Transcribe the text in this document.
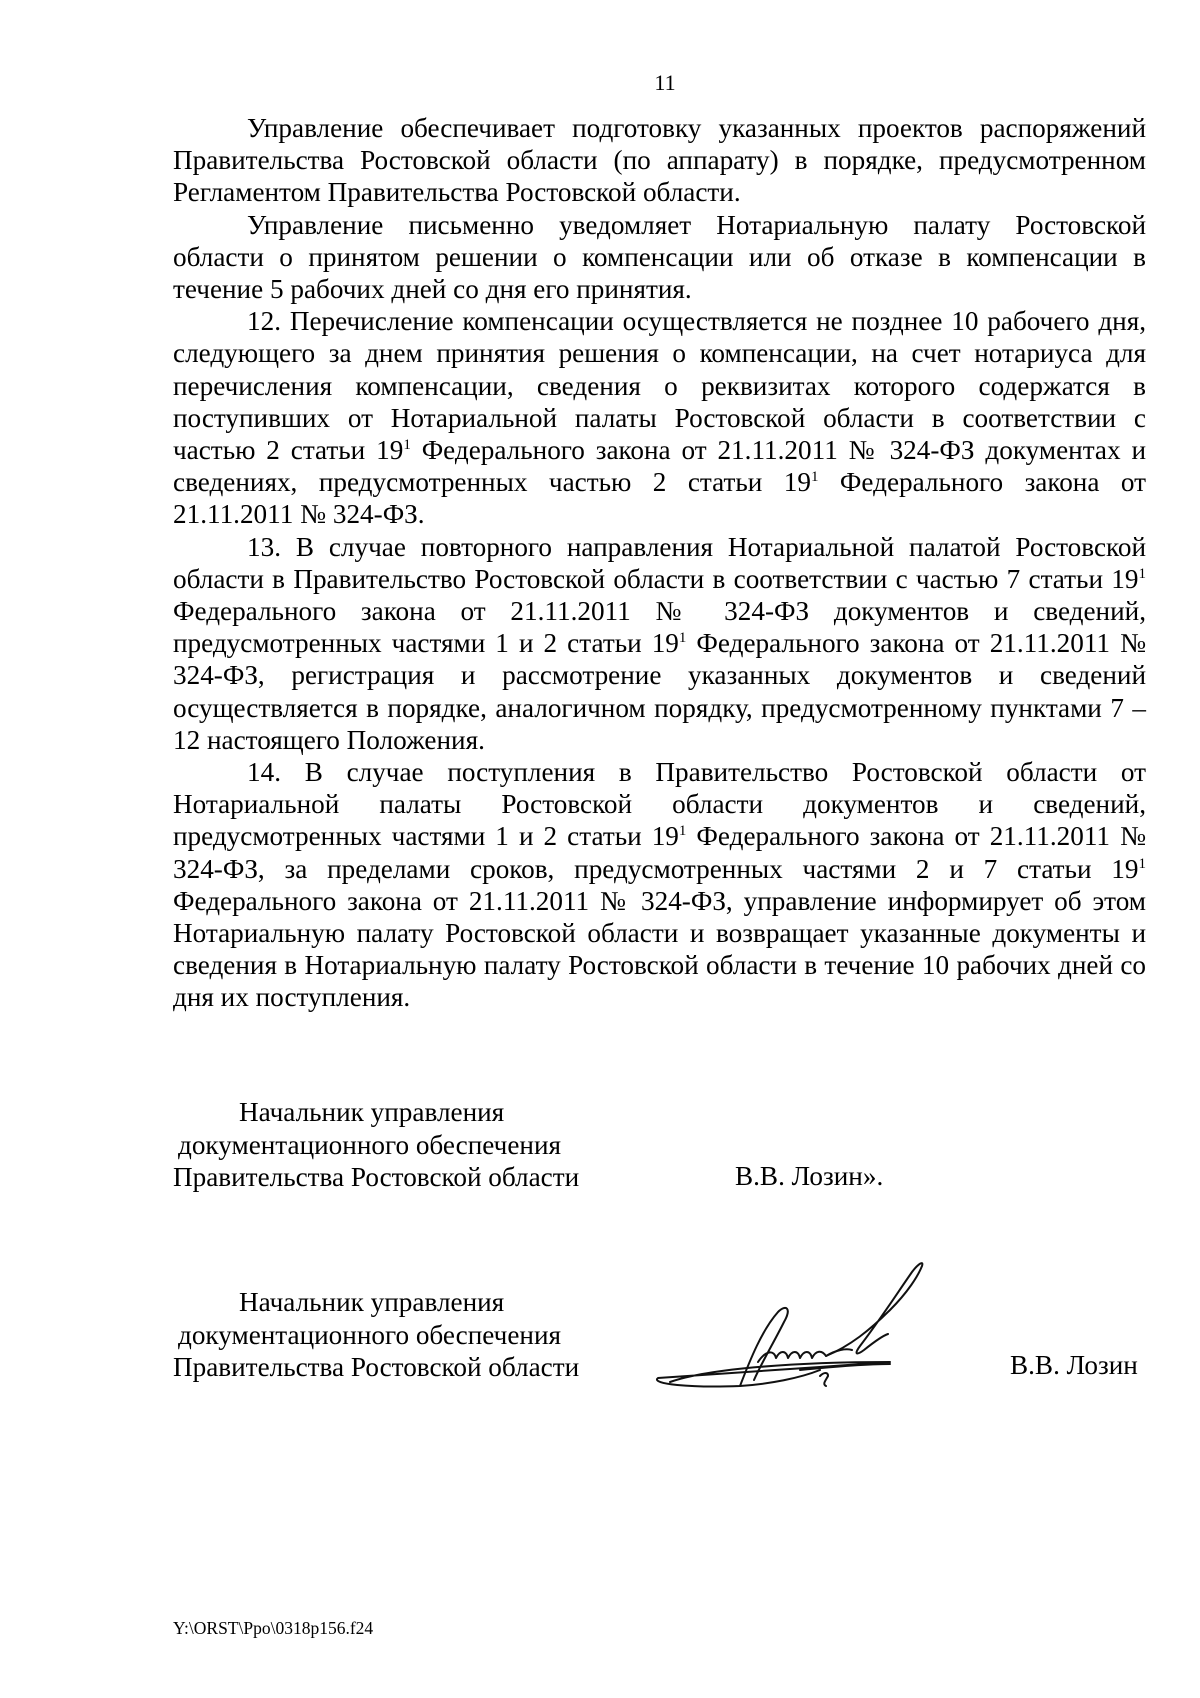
11

Управление обеспечивает подготовку указанных проектов распоряжений Правительства Ростовской области (по аппарату) в порядке, предусмотренном Регламентом Правительства Ростовской области.

Управление письменно уведомляет Нотариальную палату Ростовской области о принятом решении о компенсации или об отказе в компенсации в течение 5 рабочих дней со дня его принятия.

12. Перечисление компенсации осуществляется не позднее 10 рабочего дня, следующего за днем принятия решения о компенсации, на счет нотариуса для перечисления компенсации, сведения о реквизитах которого содержатся в поступивших от Нотариальной палаты Ростовской области в соответствии с частью 2 статьи $19^1$ Федерального закона от 21.11.2011 № 324-ФЗ документах и сведениях, предусмотренных частью 2 статьи $19^1$ Федерального закона от 21.11.2011 № 324-ФЗ.

13. В случае повторного направления Нотариальной палатой Ростовской области в Правительство Ростовской области в соответствии с частью 7 статьи $19^1$ Федерального закона от 21.11.2011 № 324-ФЗ документов и сведений, предусмотренных частями 1 и 2 статьи $19^1$ Федерального закона от 21.11.2011 № 324-ФЗ, регистрация и рассмотрение указанных документов и сведений осуществляется в порядке, аналогичном порядку, предусмотренному пунктами 7 – 12 настоящего Положения.

14. В случае поступления в Правительство Ростовской области от Нотариальной палаты Ростовской области документов и сведений, предусмотренных частями 1 и 2 статьи $19^1$ Федерального закона от 21.11.2011 № 324-ФЗ, за пределами сроков, предусмотренных частями 2 и 7 статьи $19^1$ Федерального закона от 21.11.2011 № 324-ФЗ, управление информирует об этом Нотариальную палату Ростовской области и возвращает указанные документы и сведения в Нотариальную палату Ростовской области в течение 10 рабочих дней со дня их поступления.

Начальник управления
документационного обеспечения
Правительства Ростовской области	В.В. Лозин».
Начальник управления
документационного обеспечения
Правительства Ростовской области	В.В. Лозин
Y:\ORST\Ppo\0318p156.f24
